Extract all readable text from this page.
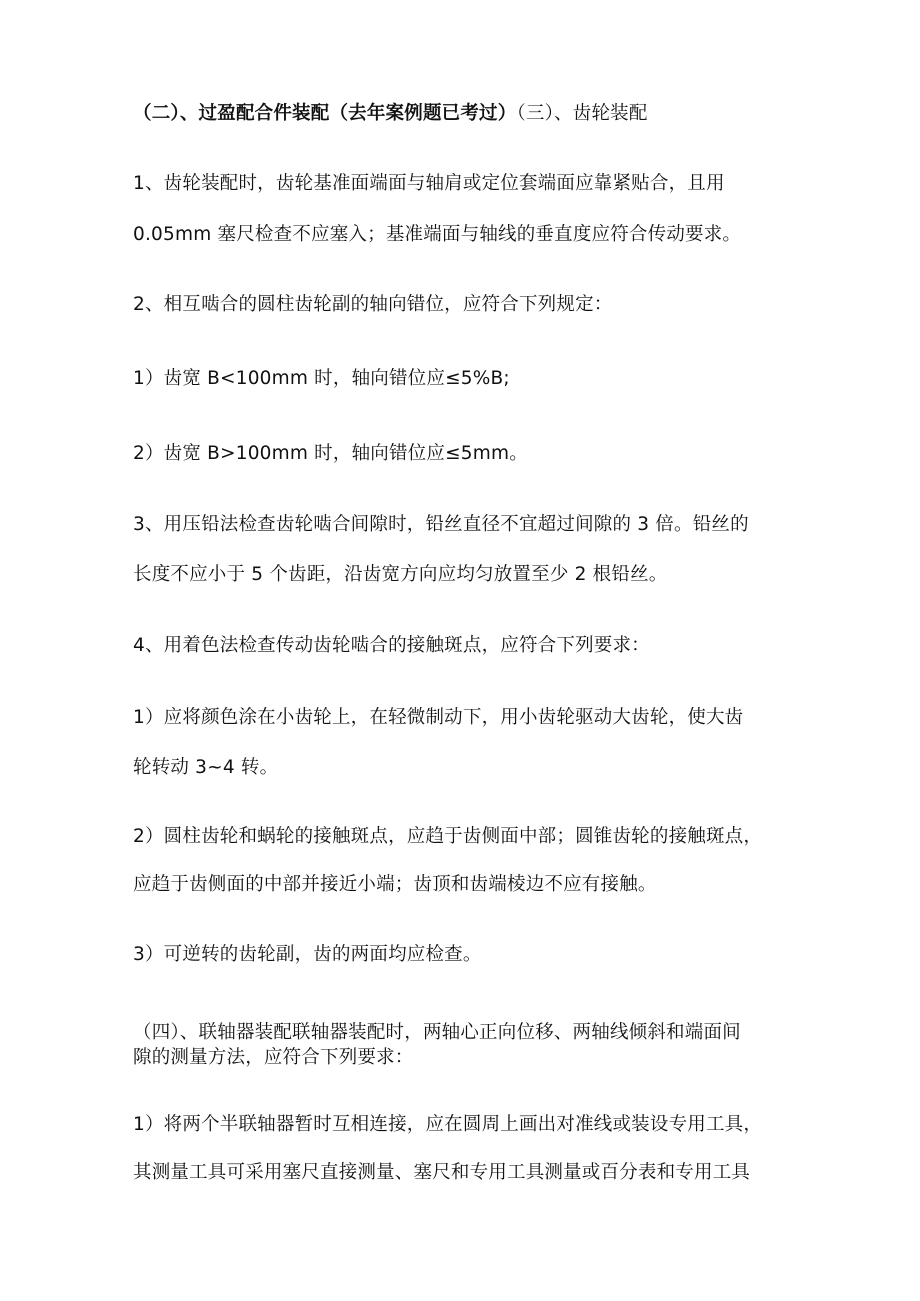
（二）、过盈配合件装配（去年案例题已考过）（三）、齿轮装配
1、齿轮装配时，齿轮基准面端面与轴肩或定位套端面应靠紧贴合，且用
0.05mm 塞尺检查不应塞入；基准端面与轴线的垂直度应符合传动要求。
2、相互啮合的圆柱齿轮副的轴向错位，应符合下列规定：
1）齿宽 B<100mm 时，轴向错位应≤5%B;
2）齿宽 B>100mm 时，轴向错位应≤5mm。
3、用压铅法检查齿轮啮合间隙时，铅丝直径不宜超过间隙的 3 倍。铅丝的
长度不应小于 5 个齿距，沿齿宽方向应均匀放置至少 2 根铅丝。
4、用着色法检查传动齿轮啮合的接触斑点，应符合下列要求：
1）应将颜色涂在小齿轮上，在轻微制动下，用小齿轮驱动大齿轮，使大齿
轮转动 3~4 转。
2）圆柱齿轮和蜗轮的接触斑点，应趋于齿侧面中部；圆锥齿轮的接触斑点，
应趋于齿侧面的中部并接近小端；齿顶和齿端棱边不应有接触。
3）可逆转的齿轮副，齿的两面均应检查。
（四）、联轴器装配联轴器装配时，两轴心正向位移、两轴线倾斜和端面间
隙的测量方法，应符合下列要求：
1）将两个半联轴器暂时互相连接，应在圆周上画出对准线或装设专用工具，
其测量工具可采用塞尺直接测量、塞尺和专用工具测量或百分表和专用工具
